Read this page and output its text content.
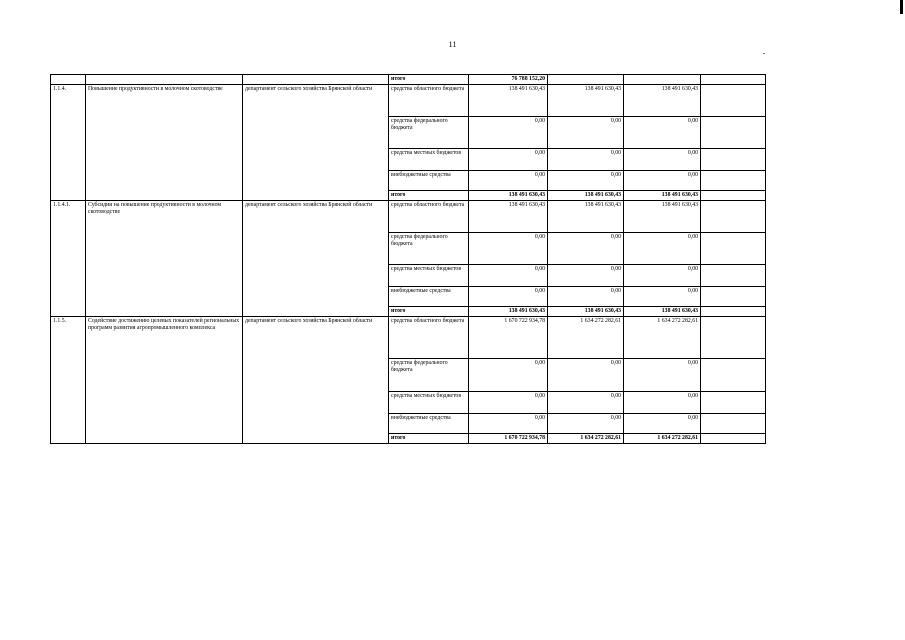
11
			итого	76 788 152,20			
1.1.4.	Повышение продуктивности в молочном скотоводстве	департамент сельского хозяйства Брянской области	средства областного бюджета	138 491 630,43	138 491 630,43	138 491 630,43	
			средства федерального бюджета	0,00	0,00	0,00	
			средства местных бюджетов	0,00	0,00	0,00	
			внебюджетные средства	0,00	0,00	0,00	
			итого	138 491 630,43	138 491 630,43	138 491 630,43	
1.1.4.1.	Субсидии на повышение продуктивности в молочном скотоводстве	департамент сельского хозяйства Брянской области	средства областного бюджета	138 491 630,43	138 491 630,43	138 491 630,43	
			средства федерального бюджета	0,00	0,00	0,00	
			средства местных бюджетов	0,00	0,00	0,00	
			внебюджетные средства	0,00	0,00	0,00	
			итого	138 491 630,43	138 491 630,43	138 491 630,43	
1.1.5.	Содействие достижению целевых показателей региональных программ развития агропромышленного комплекса	департамент сельского хозяйства Брянской области	средства областного бюджета	1 670 722 934,78	1 634 272 282,61	1 634 272 282,61	
			средства федерального бюджета	0,00	0,00	0,00	
			средства местных бюджетов	0,00	0,00	0,00	
			внебюджетные средства	0,00	0,00	0,00	
			итого	1 670 722 934,78	1 634 272 282,61	1 634 272 282,61	
